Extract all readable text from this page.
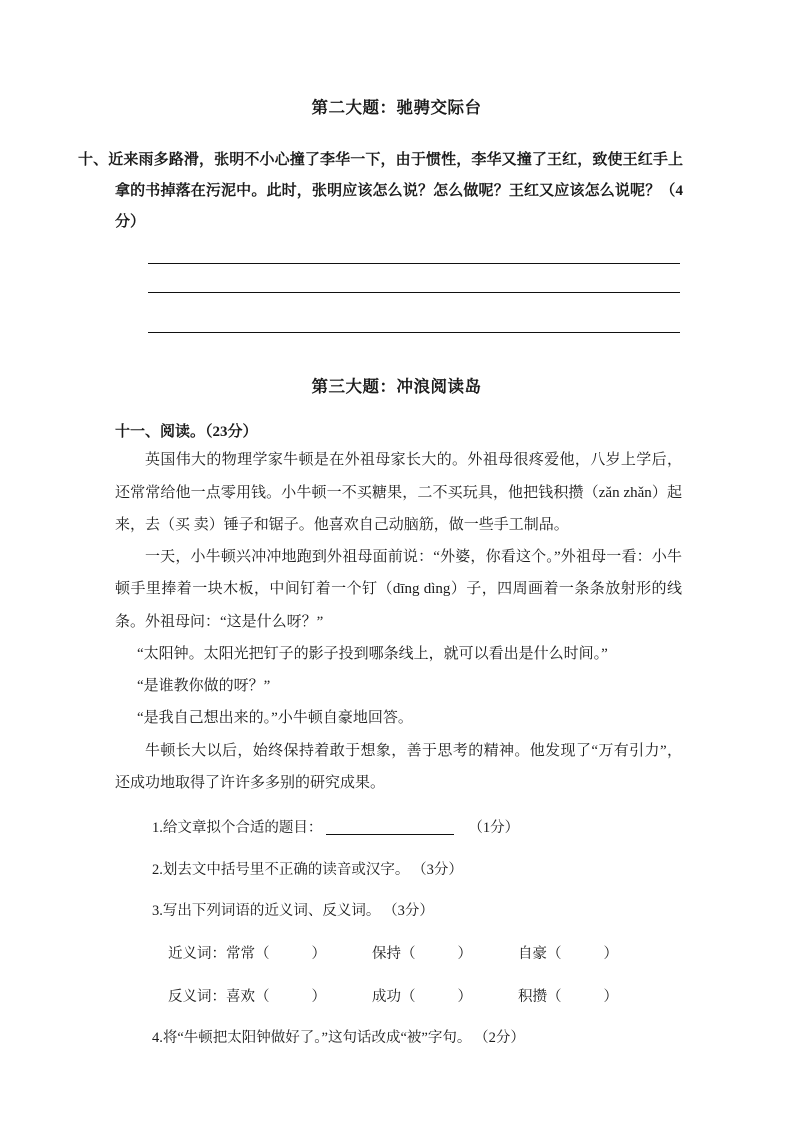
第二大题：驰骋交际台
十、近来雨多路滑，张明不小心撞了李华一下，由于惯性，李华又撞了王红，致使王红手上拿的书掉落在污泥中。此时，张明应该怎么说？怎么做呢？王红又应该怎么说呢？（4分）
第三大题：冲浪阅读岛
十一、阅读。（23分）

英国伟大的物理学家牛顿是在外祖母家长大的。外祖母很疼爱他，八岁上学后，还常常给他一点零用钱。小牛顿一不买糖果，二不买玩具，他把钱积攒（zǎn zhǎn）起来，去（买 卖）锤子和锯子。他喜欢自己动脑筋，做一些手工制品。

一天，小牛顿兴冲冲地跑到外祖母面前说：“外婆，你看这个。”外祖母一看：小牛顿手里捧着一块木板，中间钉着一个钉（dīng dìng）子，四周画着一条条放射形的线条。外祖母问：“这是什么呀？”

“太阳钟。太阳光把钉子的影子投到哪条线上，就可以看出是什么时间。”

“是谁教你做的呀？”

“是我自己想出来的。”小牛顿自豪地回答。

牛顿长大以后，始终保持着敢于想象，善于思考的精神。他发现了“万有引力”，还成功地取得了许许多多别的研究成果。

1.给文章拟个合适的题目：	（1分）
2.划去文中括号里不正确的读音或汉字。 （3分）
3.写出下列词语的近义词、反义词。 （3分）
近义词：常常（	）	保持（	）	自豪（	）
反义词：喜欢（	）	成功（	）	积攒（	）
4.将“牛顿把太阳钟做好了。”这句话改成“被”字句。 （2分）
